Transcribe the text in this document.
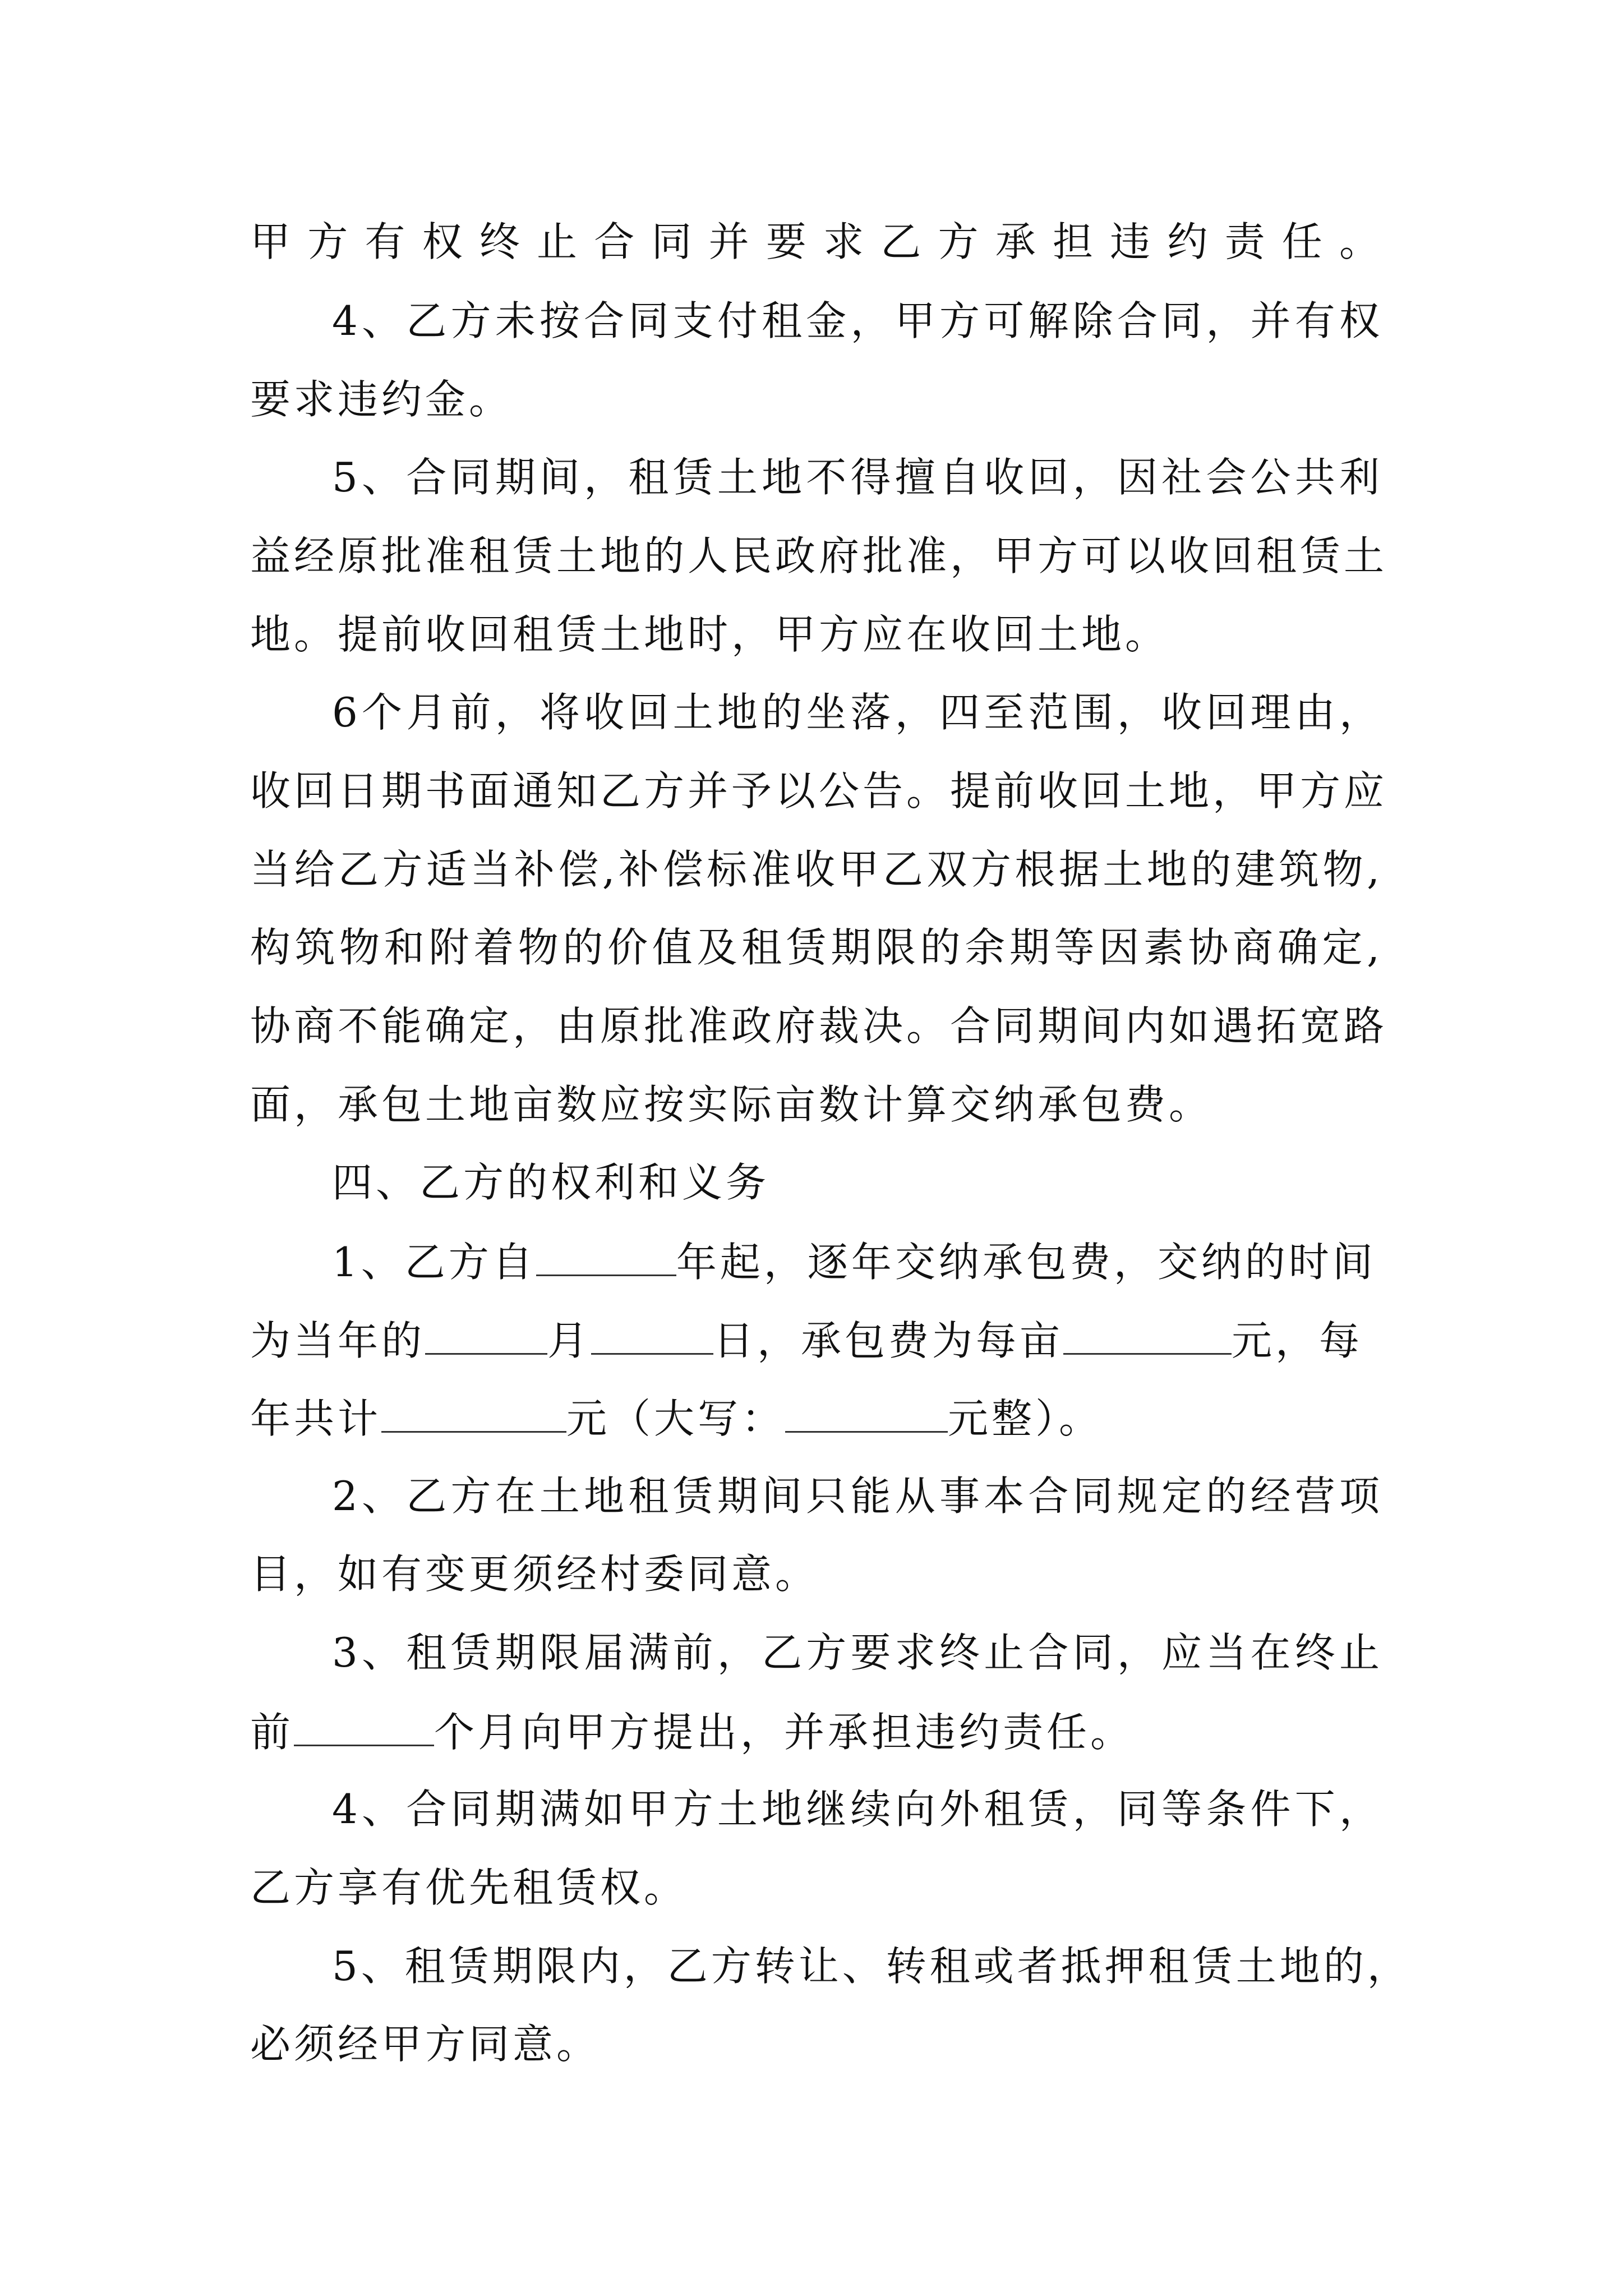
甲方有权终止合同并要求乙方承担违约责任。
4、乙方未按合同支付租金，甲方可解除合同，并有权
要求违约金。
5、合同期间，租赁土地不得擅自收回，因社会公共利
益经原批准租赁土地的人民政府批准，甲方可以收回租赁土
地。提前收回租赁土地时，甲方应在收回土地。
6个月前，将收回土地的坐落，四至范围，收回理由，
收回日期书面通知乙方并予以公告。提前收回土地，甲方应
当给乙方适当补偿,补偿标准收甲乙双方根据土地的建筑物,
构筑物和附着物的价值及租赁期限的余期等因素协商确定,
协商不能确定，由原批准政府裁决。合同期间内如遇拓宽路
面，承包土地亩数应按实际亩数计算交纳承包费。
四、乙方的权利和义务
1、乙方自	年起，逐年交纳承包费，交纳的时间
为当年的	月	日，承包费为每亩	元，每
年共计	元（大写：	元整）。
2、乙方在土地租赁期间只能从事本合同规定的经营项
目，如有变更须经村委同意。
3、租赁期限届满前，乙方要求终止合同，应当在终止
前	个月向甲方提出，并承担违约责任。
4、合同期满如甲方土地继续向外租赁，同等条件下，
乙方享有优先租赁权。
5、租赁期限内，乙方转让、转租或者抵押租赁土地的，
必须经甲方同意。
